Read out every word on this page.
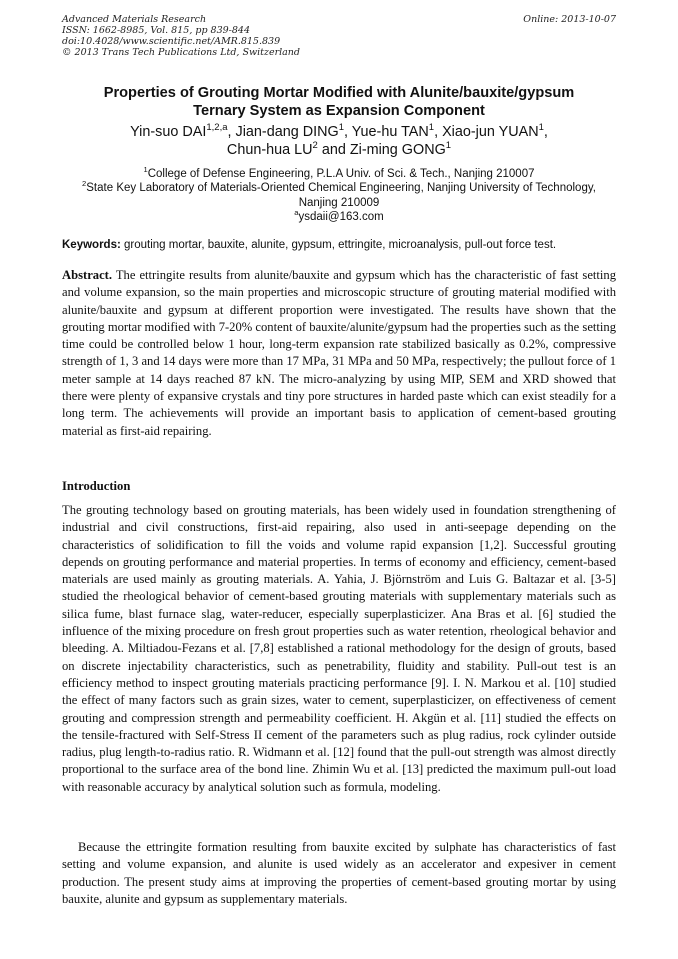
Advanced Materials Research
ISSN: 1662-8985, Vol. 815, pp 839-844
doi:10.4028/www.scientific.net/AMR.815.839
© 2013 Trans Tech Publications Ltd, Switzerland
Online: 2013-10-07
Properties of Grouting Mortar Modified with Alunite/bauxite/gypsum
Ternary System as Expansion Component
Yin-suo DAI$^{1,2,a}$, Jian-dang DING$^1$, Yue-hu TAN$^1$, Xiao-jun YUAN$^1$,
Chun-hua $LU^2$ and Zi-ming GONG$^1$
$^1$College of Defense Engineering, P.L.A Univ. of Sci. & Tech., Nanjing 210007
$^2$State Key Laboratory of Materials-Oriented Chemical Engineering, Nanjing University of Technology,
Nanjing 210009
$^a$ysdaii@163.com
Keywords: grouting mortar, bauxite, alunite, gypsum, ettringite, microanalysis, pull-out force test.
Abstract. The ettringite results from alunite/bauxite and gypsum which has the characteristic of fast setting and volume expansion, so the main properties and microscopic structure of grouting material modified with alunite/bauxite and gypsum at different proportion were investigated. The results have shown that the grouting mortar modified with 7-20% content of bauxite/alunite/gypsum had the properties such as the setting time could be controlled below 1 hour, long-term expansion rate stabilized basically as 0.2%, compressive strength of 1, 3 and 14 days were more than 17 MPa, 31 MPa and 50 MPa, respectively; the pullout force of 1 meter sample at 14 days reached 87 kN. The micro-analyzing by using MIP, SEM and XRD showed that there were plenty of expansive crystals and tiny pore structures in harded paste which can exist steadily for a long term. The achievements will provide an important basis to application of cement-based grouting material as first-aid repairing.
Introduction
The grouting technology based on grouting materials, has been widely used in foundation strengthening of industrial and civil constructions, first-aid repairing, also used in anti-seepage depending on the characteristics of solidification to fill the voids and volume rapid expansion [1,2]. Successful grouting depends on grouting performance and material properties. In terms of economy and efficiency, cement-based materials are used mainly as grouting materials. A. Yahia, J. Björnström and Luis G. Baltazar et al. [3-5] studied the rheological behavior of cement-based grouting materials with supplementary materials such as silica fume, blast furnace slag, water-reducer, especially superplasticizer. Ana Bras et al. [6] studied the influence of the mixing procedure on fresh grout properties such as water retention, rheological behavior and bleeding. A. Miltiadou-Fezans et al. [7,8] established a rational methodology for the design of grouts, based on discrete injectability characteristics, such as penetrability, fluidity and stability. Pull-out test is an efficiency method to inspect grouting materials practicing performance [9]. I. N. Markou et al. [10] studied the effect of many factors such as grain sizes, water to cement, superplasticizer, on effectiveness of cement grouting and compression strength and permeability coefficient. H. Akgün et al. [11] studied the effects on the tensile-fractured with Self-Stress II cement of the parameters such as plug radius, rock cylinder outside radius, plug length-to-radius ratio. R. Widmann et al. [12] found that the pull-out strength was almost directly proportional to the surface area of the bond line. Zhimin Wu et al. [13] predicted the maximum pull-out load with reasonable accuracy by analytical solution such as formula, modeling.
Because the ettringite formation resulting from bauxite excited by sulphate has characteristics of fast setting and volume expansion, and alunite is used widely as an accelerator and expesiver in cement production. The present study aims at improving the properties of cement-based grouting mortar by using bauxite, alunite and gypsum as supplementary materials.
